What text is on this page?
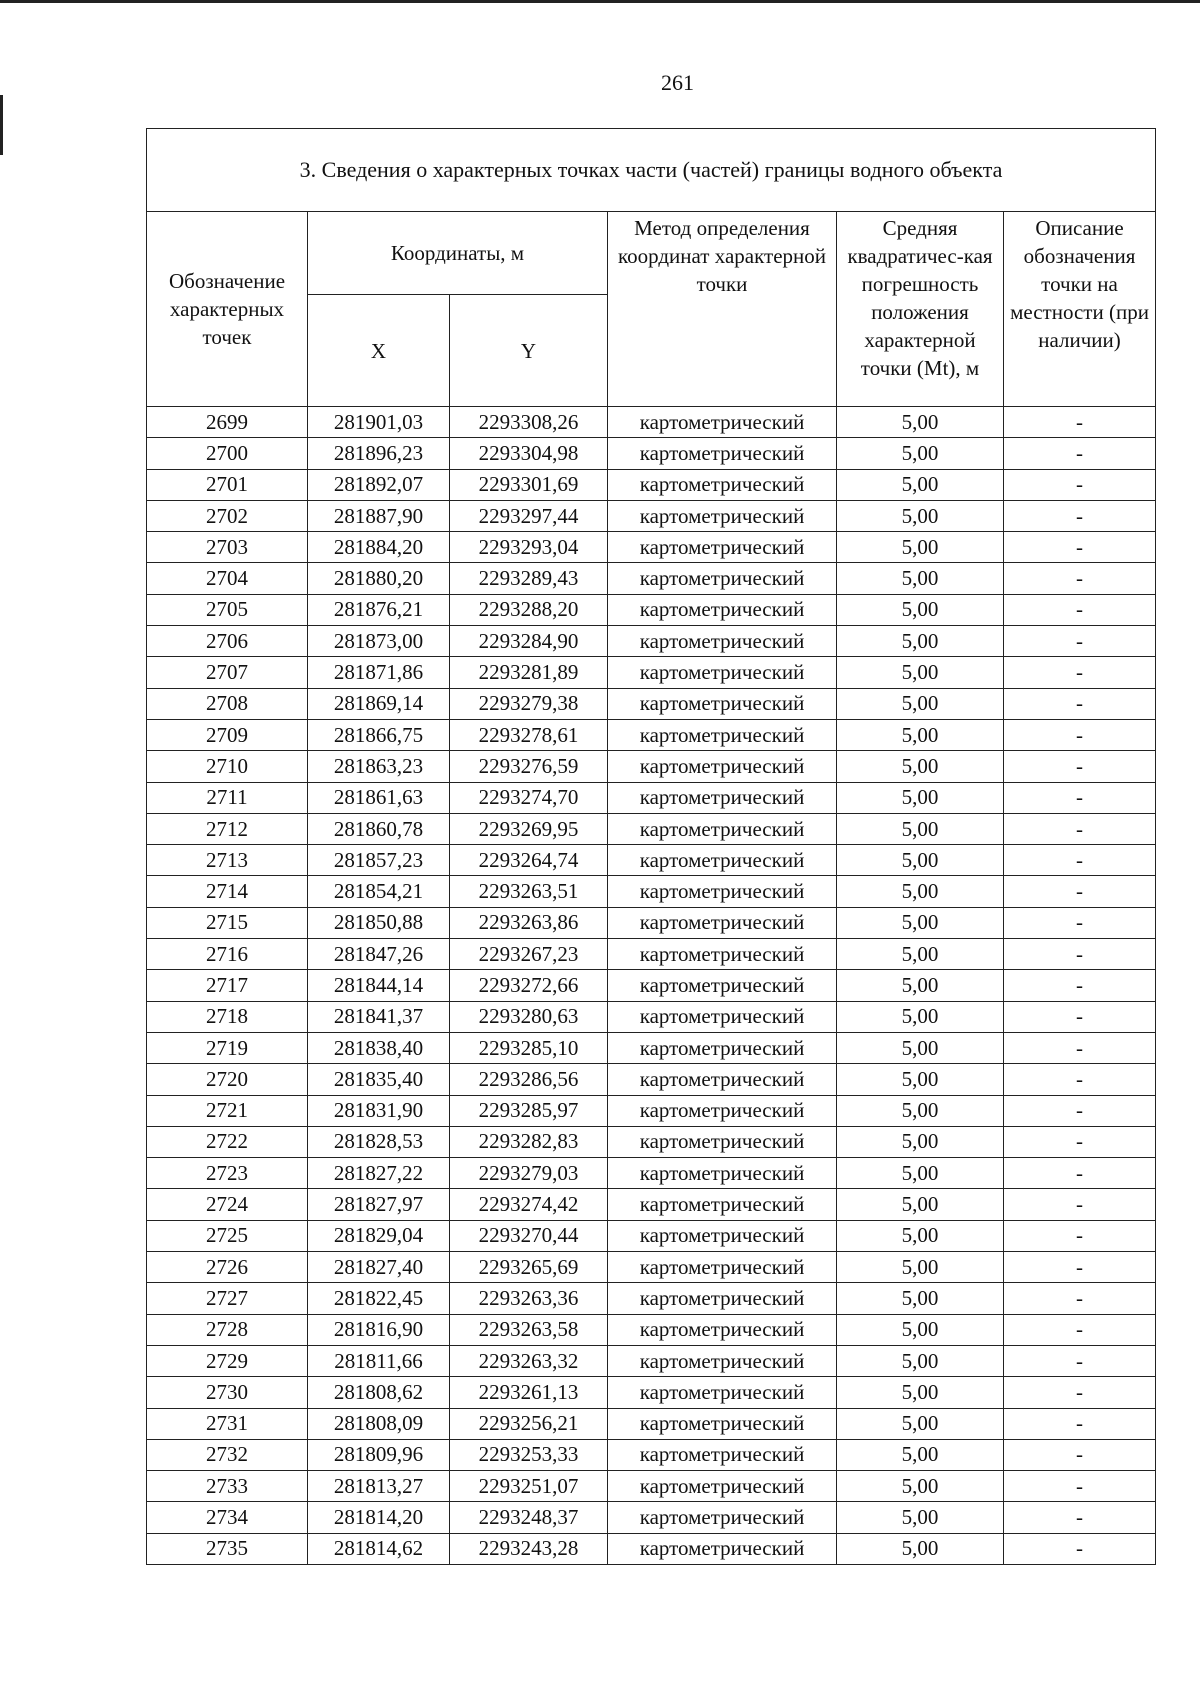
261
3. Сведения о характерных точках части (частей) границы водного объекта					
Обозначение характерных точек	Координаты, м		Метод определения координат характерной точки	Средняя квадратичес-кая погрешность положения характерной точки (Mt), м	Описание обозначения точки на местности (при наличии)
	X	Y			
2699	281901,03	2293308,26	картометрический	5,00	-
2700	281896,23	2293304,98	картометрический	5,00	-
2701	281892,07	2293301,69	картометрический	5,00	-
2702	281887,90	2293297,44	картометрический	5,00	-
2703	281884,20	2293293,04	картометрический	5,00	-
2704	281880,20	2293289,43	картометрический	5,00	-
2705	281876,21	2293288,20	картометрический	5,00	-
2706	281873,00	2293284,90	картометрический	5,00	-
2707	281871,86	2293281,89	картометрический	5,00	-
2708	281869,14	2293279,38	картометрический	5,00	-
2709	281866,75	2293278,61	картометрический	5,00	-
2710	281863,23	2293276,59	картометрический	5,00	-
2711	281861,63	2293274,70	картометрический	5,00	-
2712	281860,78	2293269,95	картометрический	5,00	-
2713	281857,23	2293264,74	картометрический	5,00	-
2714	281854,21	2293263,51	картометрический	5,00	-
2715	281850,88	2293263,86	картометрический	5,00	-
2716	281847,26	2293267,23	картометрический	5,00	-
2717	281844,14	2293272,66	картометрический	5,00	-
2718	281841,37	2293280,63	картометрический	5,00	-
2719	281838,40	2293285,10	картометрический	5,00	-
2720	281835,40	2293286,56	картометрический	5,00	-
2721	281831,90	2293285,97	картометрический	5,00	-
2722	281828,53	2293282,83	картометрический	5,00	-
2723	281827,22	2293279,03	картометрический	5,00	-
2724	281827,97	2293274,42	картометрический	5,00	-
2725	281829,04	2293270,44	картометрический	5,00	-
2726	281827,40	2293265,69	картометрический	5,00	-
2727	281822,45	2293263,36	картометрический	5,00	-
2728	281816,90	2293263,58	картометрический	5,00	-
2729	281811,66	2293263,32	картометрический	5,00	-
2730	281808,62	2293261,13	картометрический	5,00	-
2731	281808,09	2293256,21	картометрический	5,00	-
2732	281809,96	2293253,33	картометрический	5,00	-
2733	281813,27	2293251,07	картометрический	5,00	-
2734	281814,20	2293248,37	картометрический	5,00	-
2735	281814,62	2293243,28	картометрический	5,00	-
